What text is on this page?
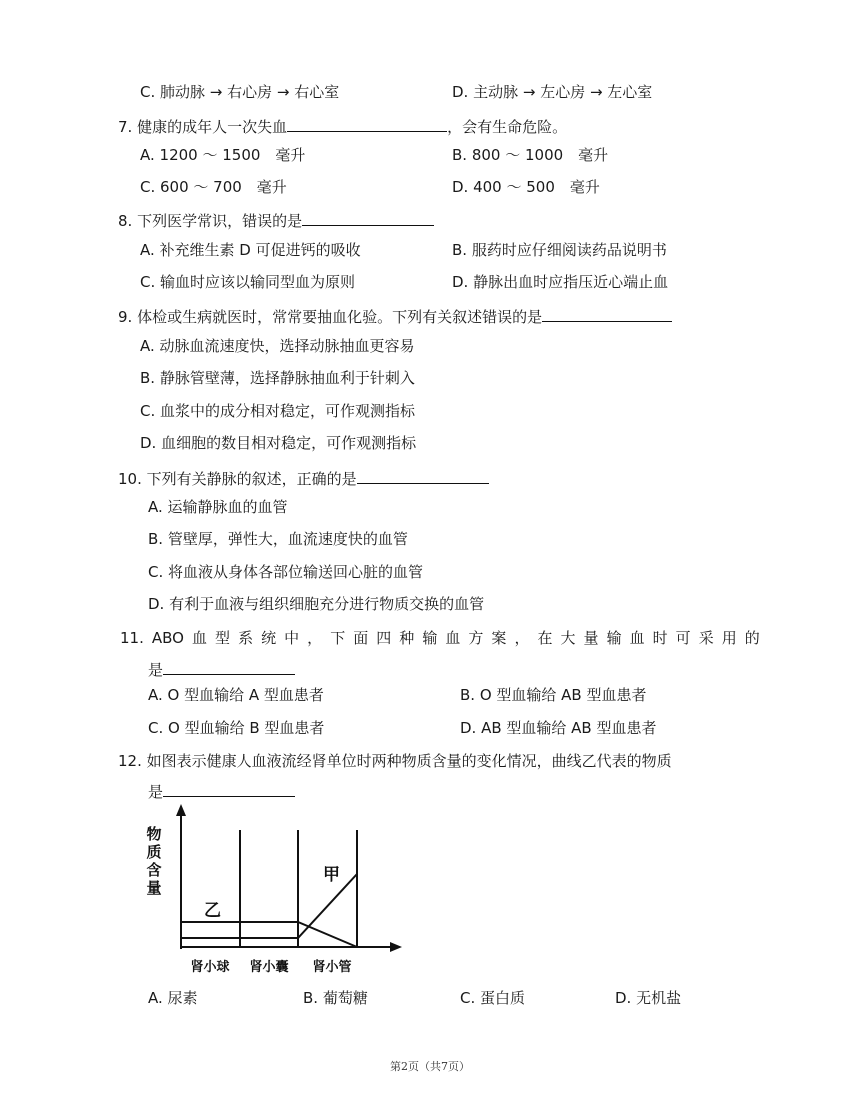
C. 肺动脉 → 右心房 → 右心室	D. 主动脉 → 左心房 → 左心室
7. 健康的成年人一次失血	，会有生命危险。
A. 1200 ～ 1500　毫升	B. 800 ～ 1000　毫升
C. 600 ～ 700　毫升	D. 400 ～ 500　毫升
8. 下列医学常识，错误的是
A. 补充维生素 D 可促进钙的吸收	B. 服药时应仔细阅读药品说明书
C. 输血时应该以输同型血为原则	D. 静脉出血时应指压近心端止血
9. 体检或生病就医时，常常要抽血化验。下列有关叙述错误的是
A. 动脉血流速度快，选择动脉抽血更容易
B. 静脉管壁薄，选择静脉抽血利于针刺入
C. 血浆中的成分相对稳定，可作观测指标
D. 血细胞的数目相对稳定，可作观测指标
10. 下列有关静脉的叙述，正确的是
A. 运输静脉血的血管
B. 管壁厚，弹性大，血流速度快的血管
C. 将血液从身体各部位输送回心脏的血管
D. 有利于血液与组织细胞充分进行物质交换的血管
11. ABO 血 型 系 统 中 ， 下 面 四 种 输 血 方 案 ， 在 大 量 输 血 时 可 采 用 的
是
A. O 型血输给 A 型血患者	B. O 型血输给 AB 型血患者
C. O 型血输给 B 型血患者	D. AB 型血输给 AB 型血患者
12. 如图表示健康人血液流经肾单位时两种物质含量的变化情况，曲线乙代表的物质
是
物
质
含
量
乙
甲
肾小球 肾小囊 肾小管
A. 尿素	B. 葡萄糖	C. 蛋白质	D. 无机盐
第2页（共7页）
